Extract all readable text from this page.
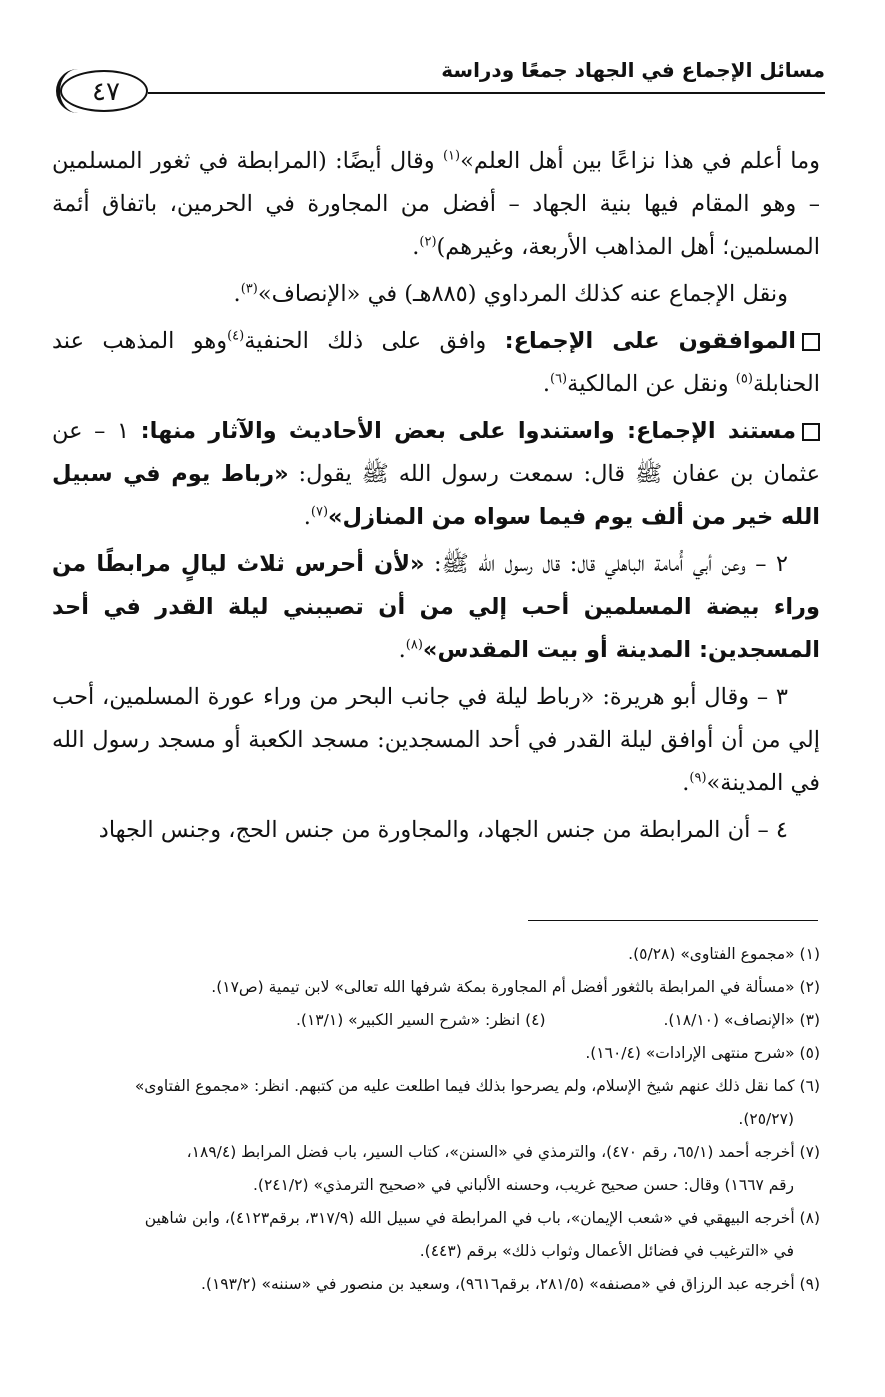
٤٧
مسائل الإجماع في الجهاد جمعًا ودراسة

وما أعلم في هذا نزاعًا بين أهل العلم»$^{(١)}$ وقال أيضًا: (المرابطة في ثغور المسلمين – وهو المقام فيها بنية الجهاد – أفضل من المجاورة في الحرمين، باتفاق أئمة المسلمين؛ أهل المذاهب الأربعة، وغيرهم)$^{(٢)}$.

ونقل الإجماع عنه كذلك المرداوي (٨٨٥هـ) في «الإنصاف»$^{(٣)}$.

الموافقون على الإجماع: وافق على ذلك الحنفية$^{(٤)}$وهو المذهب عند الحنابلة$^{(٥)}$ ونقل عن المالكية$^{(٦)}$.

مستند الإجماع: واستندوا على بعض الأحاديث والآثار منها: ١ – عن عثمان بن عفان ﷺ قال: سمعت رسول الله ﷺ يقول: «رباط يوم في سبيل الله خير من ألف يوم فيما سواه من المنازل»$^{(٧)}$.

٢ – وعن أبي أُمامة الباهلي قال: قال رسول الله ﷺ: «لأن أحرس ثلاث ليالٍ مرابطًا من وراء بيضة المسلمين أحب إلي من أن تصيبني ليلة القدر في أحد المسجدين: المدينة أو بيت المقدس»$^{(٨)}$.

٣ – وقال أبو هريرة: «رباط ليلة في جانب البحر من وراء عورة المسلمين، أحب إلي من أن أوافق ليلة القدر في أحد المسجدين: مسجد الكعبة أو مسجد رسول الله في المدينة»$^{(٩)}$.

٤ – أن المرابطة من جنس الجهاد، والمجاورة من جنس الحج، وجنس الجهاد

(١) «مجموع الفتاوى» (٥/٢٨).

(٢) «مسألة في المرابطة بالثغور أفضل أم المجاورة بمكة شرفها الله تعالى» لابن تيمية (ص١٧).

(٣) «الإنصاف» (١٨/١٠).
(٤) انظر: «شرح السير الكبير» (١٣/١).

(٥) «شرح منتهى الإرادات» (١٦٠/٤).

(٦) كما نقل ذلك عنهم شيخ الإسلام، ولم يصرحوا بذلك فيما اطلعت عليه من كتبهم. انظر: «مجموع الفتاوى»

(٢٥/٢٧).

(٧) أخرجه أحمد (٦٥/١، رقم ٤٧٠)، والترمذي في «السنن»، كتاب السير، باب فضل المرابط (١٨٩/٤،

رقم ١٦٦٧) وقال: حسن صحيح غريب، وحسنه الألباني في «صحيح الترمذي» (٢٤١/٢).

(٨) أخرجه البيهقي في «شعب الإيمان»، باب في المرابطة في سبيل الله (٣١٧/٩، برقم٤١٢٣)، وابن شاهين

في «الترغيب في فضائل الأعمال وثواب ذلك» برقم (٤٤٣).

(٩) أخرجه عبد الرزاق في «مصنفه» (٢٨١/٥، برقم٩٦١٦)، وسعيد بن منصور في «سننه» (١٩٣/٢).
